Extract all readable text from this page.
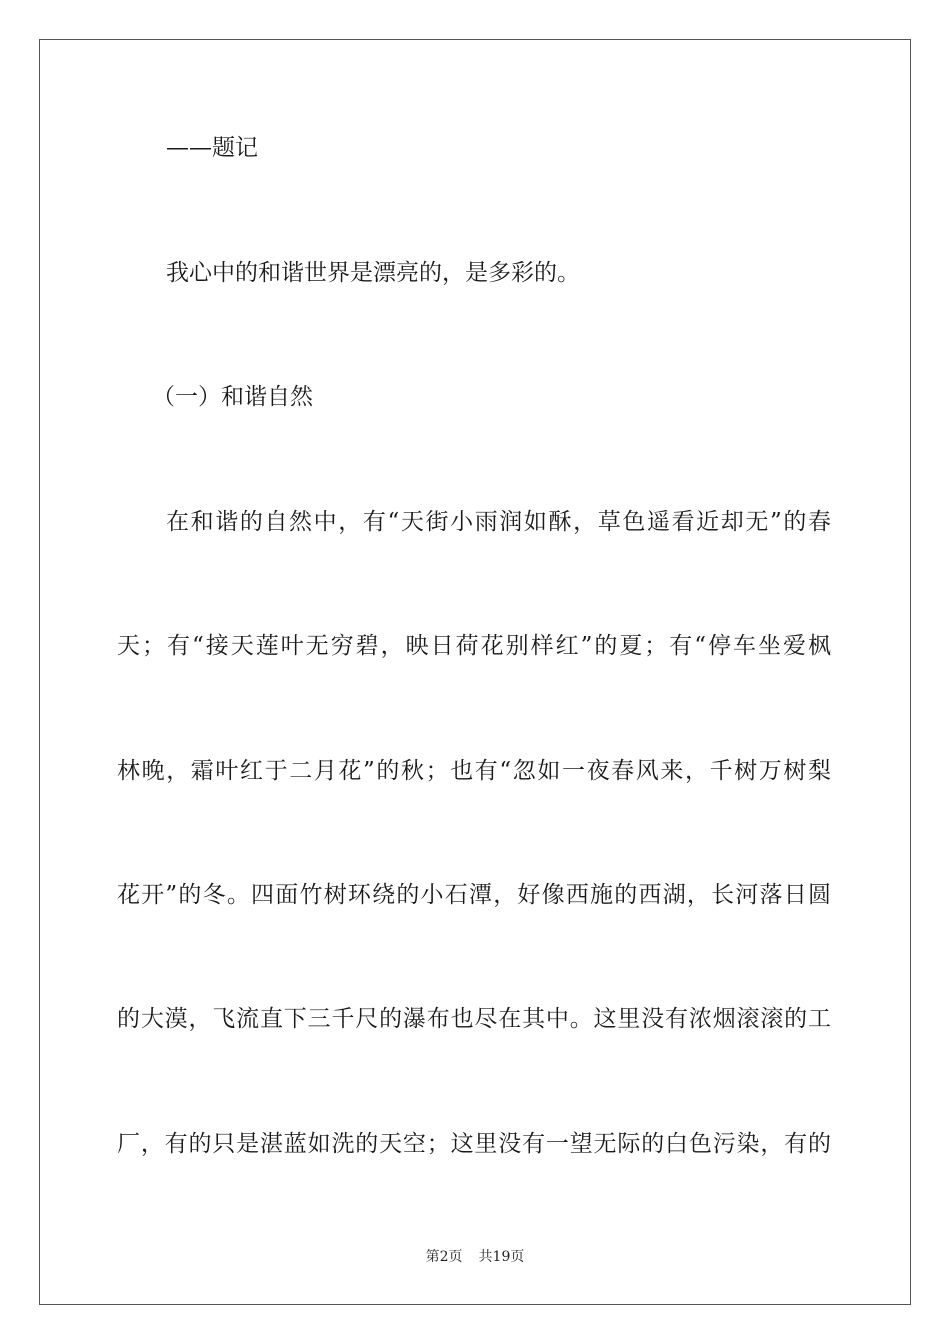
——题记
我心中的和谐世界是漂亮的，是多彩的。
（一）和谐自然
在和谐的自然中，有“天街小雨润如酥，草色遥看近却无”的春
天；有“接天莲叶无穷碧，映日荷花别样红”的夏；有“停车坐爱枫
林晚，霜叶红于二月花”的秋；也有“忽如一夜春风来，千树万树梨
花开”的冬。四面竹树环绕的小石潭，好像西施的西湖，长河落日圆
的大漠，飞流直下三千尺的瀑布也尽在其中。这里没有浓烟滚滚的工
厂，有的只是湛蓝如洗的天空；这里没有一望无际的白色污染，有的
第2页 共19页
